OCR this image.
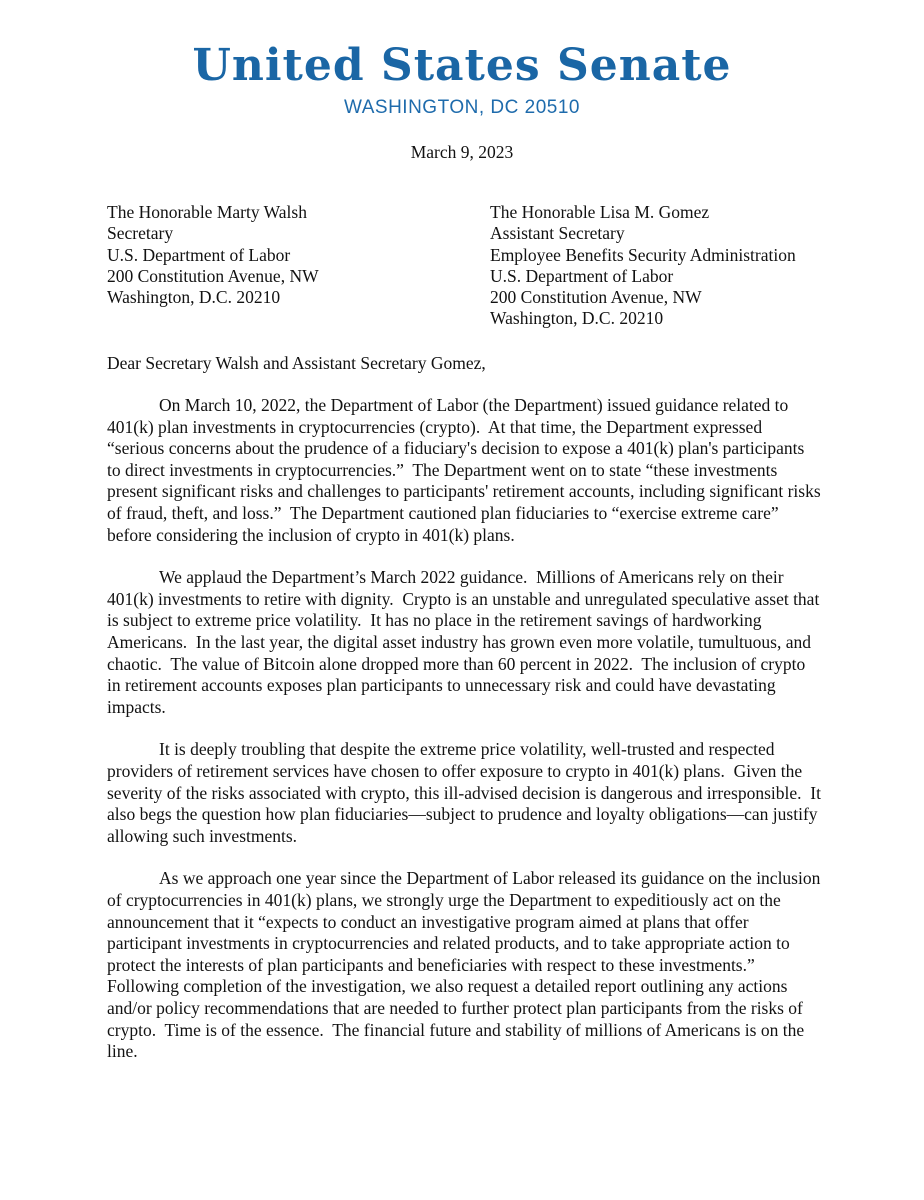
United States Senate
WASHINGTON, DC 20510
March 9, 2023
The Honorable Marty Walsh
Secretary
U.S. Department of Labor
200 Constitution Avenue, NW
Washington, D.C. 20210
The Honorable Lisa M. Gomez
Assistant Secretary
Employee Benefits Security Administration
U.S. Department of Labor
200 Constitution Avenue, NW
Washington, D.C. 20210
Dear Secretary Walsh and Assistant Secretary Gomez,
On March 10, 2022, the Department of Labor (the Department) issued guidance related to 401(k) plan investments in cryptocurrencies (crypto).  At that time, the Department expressed “serious concerns about the prudence of a fiduciary's decision to expose a 401(k) plan's participants to direct investments in cryptocurrencies.”  The Department went on to state “these investments present significant risks and challenges to participants' retirement accounts, including significant risks of fraud, theft, and loss.”  The Department cautioned plan fiduciaries to “exercise extreme care” before considering the inclusion of crypto in 401(k) plans.
We applaud the Department’s March 2022 guidance.  Millions of Americans rely on their 401(k) investments to retire with dignity.  Crypto is an unstable and unregulated speculative asset that is subject to extreme price volatility.  It has no place in the retirement savings of hardworking Americans.  In the last year, the digital asset industry has grown even more volatile, tumultuous, and chaotic.  The value of Bitcoin alone dropped more than 60 percent in 2022.  The inclusion of crypto in retirement accounts exposes plan participants to unnecessary risk and could have devastating impacts.
It is deeply troubling that despite the extreme price volatility, well-trusted and respected providers of retirement services have chosen to offer exposure to crypto in 401(k) plans.  Given the severity of the risks associated with crypto, this ill-advised decision is dangerous and irresponsible.  It also begs the question how plan fiduciaries—subject to prudence and loyalty obligations—can justify allowing such investments.
As we approach one year since the Department of Labor released its guidance on the inclusion of cryptocurrencies in 401(k) plans, we strongly urge the Department to expeditiously act on the announcement that it “expects to conduct an investigative program aimed at plans that offer participant investments in cryptocurrencies and related products, and to take appropriate action to protect the interests of plan participants and beneficiaries with respect to these investments.”  Following completion of the investigation, we also request a detailed report outlining any actions and/or policy recommendations that are needed to further protect plan participants from the risks of crypto.  Time is of the essence.  The financial future and stability of millions of Americans is on the line.
